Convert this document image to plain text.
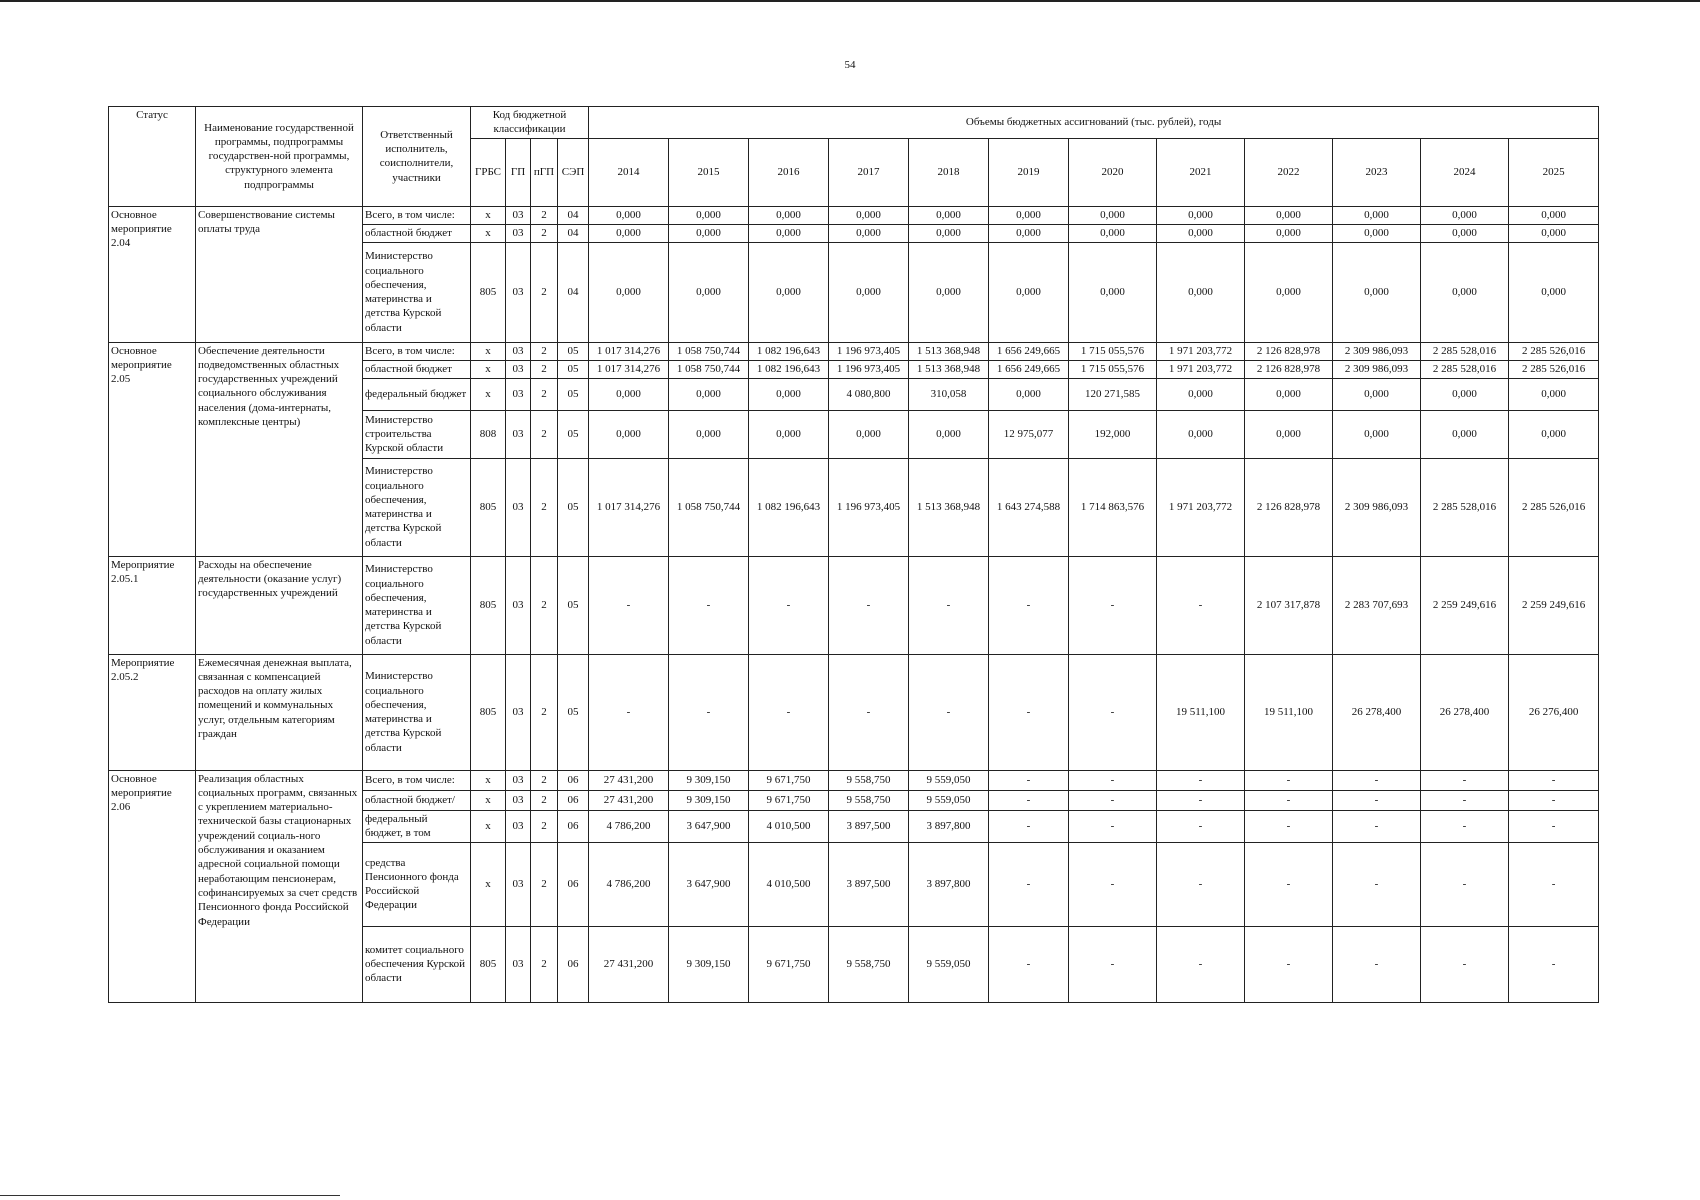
54
Статус	Наименование государственной программы, подпрограммы государствен-ной программы, структурного элемента подпрограммы	Ответственный исполнитель, соисполнители, участники	Код бюджетной классификации				Объемы бюджетных ассигнований (тыс. рублей), годы											
			ГРБС	ГП	пГП	СЭП	2014	2015	2016	2017	2018	2019	2020	2021	2022	2023	2024	2025
Основное мероприятие 2.04	Совершенствование системы оплаты труда	Всего, в том числе:	x	03	2	04	0,000	0,000	0,000	0,000	0,000	0,000	0,000	0,000	0,000	0,000	0,000	0,000
		областной бюджет	x	03	2	04	0,000	0,000	0,000	0,000	0,000	0,000	0,000	0,000	0,000	0,000	0,000	0,000
		Министерство социального обеспечения, материнства и детства Курской области	805	03	2	04	0,000	0,000	0,000	0,000	0,000	0,000	0,000	0,000	0,000	0,000	0,000	0,000
Основное мероприятие 2.05	Обеспечение деятельности подведомственных областных государственных учреждений социального обслуживания населения (дома-интернаты, комплексные центры)	Всего, в том числе:	x	03	2	05	1 017 314,276	1 058 750,744	1 082 196,643	1 196 973,405	1 513 368,948	1 656 249,665	1 715 055,576	1 971 203,772	2 126 828,978	2 309 986,093	2 285 528,016	2 285 526,016
		областной бюджет	x	03	2	05	1 017 314,276	1 058 750,744	1 082 196,643	1 196 973,405	1 513 368,948	1 656 249,665	1 715 055,576	1 971 203,772	2 126 828,978	2 309 986,093	2 285 528,016	2 285 526,016
		федеральный бюджет	x	03	2	05	0,000	0,000	0,000	4 080,800	310,058	0,000	120 271,585	0,000	0,000	0,000	0,000	0,000
		Министерство строительства Курской области	808	03	2	05	0,000	0,000	0,000	0,000	0,000	12 975,077	192,000	0,000	0,000	0,000	0,000	0,000
		Министерство социального обеспечения, материнства и детства Курской области	805	03	2	05	1 017 314,276	1 058 750,744	1 082 196,643	1 196 973,405	1 513 368,948	1 643 274,588	1 714 863,576	1 971 203,772	2 126 828,978	2 309 986,093	2 285 528,016	2 285 526,016
Мероприятие 2.05.1	Расходы на обеспечение деятельности (оказание услуг) государственных учреждений	Министерство социального обеспечения, материнства и детства Курской области	805	03	2	05	-	-	-	-	-	-	-	-	2 107 317,878	2 283 707,693	2 259 249,616	2 259 249,616
Мероприятие 2.05.2	Ежемесячная денежная выплата, связанная с компенсацией расходов на оплату жилых помещений и коммунальных услуг, отдельным категориям граждан	Министерство социального обеспечения, материнства и детства Курской области	805	03	2	05	-	-	-	-	-	-	-	19 511,100	19 511,100	26 278,400	26 278,400	26 276,400
Основное мероприятие 2.06	Реализация областных социальных программ, связанных с укреплением материально-технической базы стационарных учреждений социаль-ного обслуживания и оказанием адресной социальной помощи неработающим пенсионерам, софинансируемых за счет средств Пенсионного фонда Российской Федерации	Всего, в том числе:	x	03	2	06	27 431,200	9 309,150	9 671,750	9 558,750	9 559,050	-	-	-	-	-	-	-
		областной бюджет/	x	03	2	06	27 431,200	9 309,150	9 671,750	9 558,750	9 559,050	-	-	-	-	-	-	-
		федеральный бюджет, в том	x	03	2	06	4 786,200	3 647,900	4 010,500	3 897,500	3 897,800	-	-	-	-	-	-	-
		средства Пенсионного фонда Российской Федерации	x	03	2	06	4 786,200	3 647,900	4 010,500	3 897,500	3 897,800	-	-	-	-	-	-	-
		комитет социального обеспечения Курской области	805	03	2	06	27 431,200	9 309,150	9 671,750	9 558,750	9 559,050	-	-	-	-	-	-	-
